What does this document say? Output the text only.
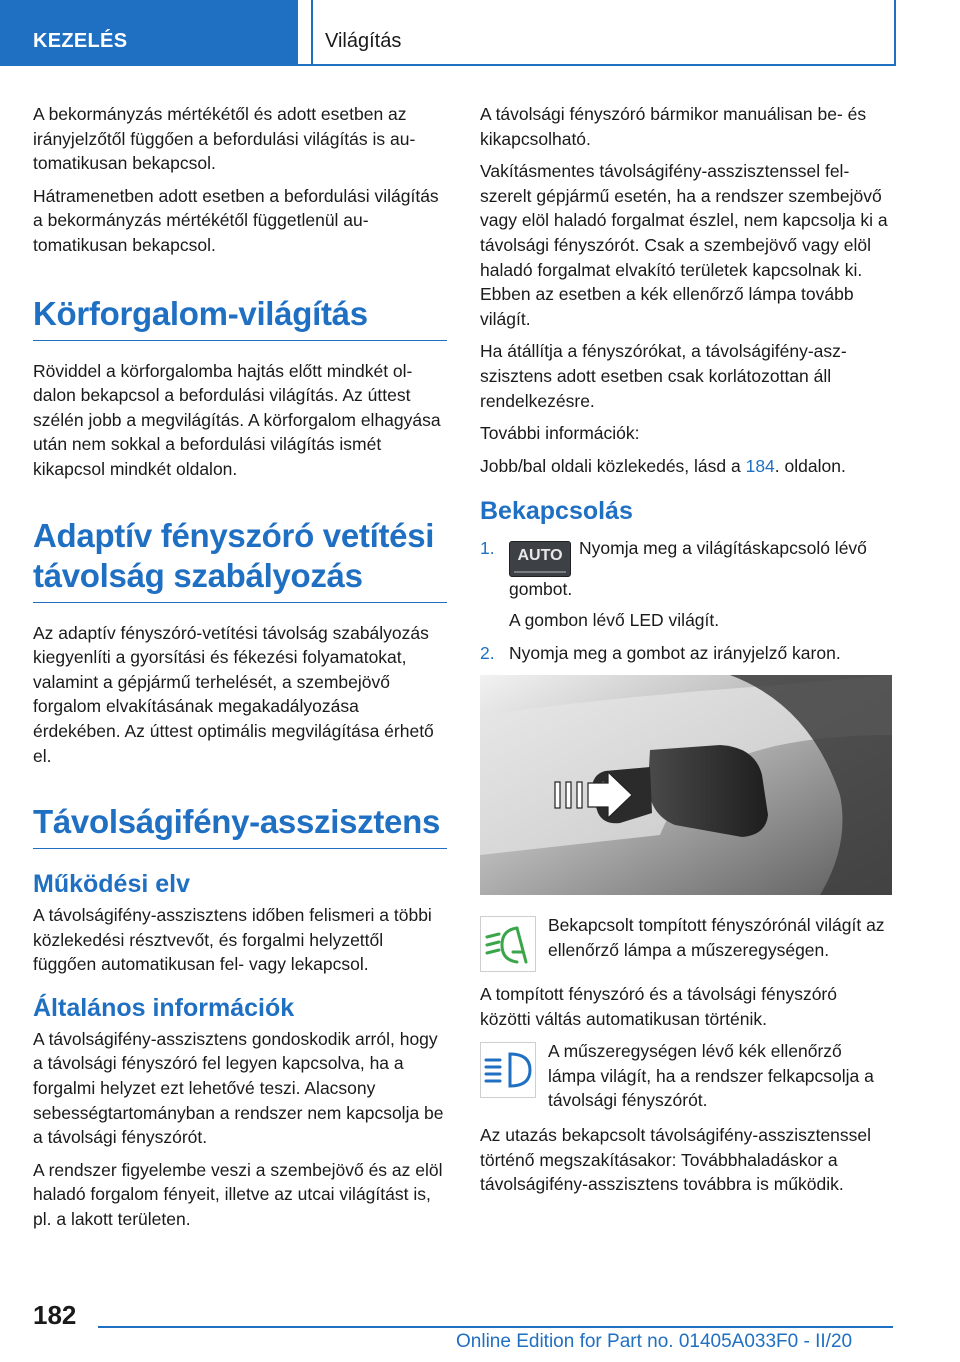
KEZELÉS	Világítás

A bekormányzás mértékétől és adott esetben az irányjelzőtől függően a befordulási világítás is automatikusan bekapcsol.

Hátramenetben adott esetben a befordulási világítás a bekormányzás mértékétől függetlenül automatikusan bekapcsol.

Körforgalom-világítás

Röviddel a körforgalomba hajtás előtt mindkét oldalon bekapcsol a befordulási világítás. Az úttest szélén jobb a megvilágítás. A körforgalom elhagyása után nem sokkal a befordulási világítás ismét kikapcsol mindkét oldalon.

Adaptív fényszóró vetítési távolság szabályozás

Az adaptív fényszóró-vetítési távolság szabályozás kiegyenlíti a gyorsítási és fékezési folyamatokat, valamint a gépjármű terhelését, a szembejövő forgalom elvakításának megakadályozása érdekében. Az úttest optimális megvilágítása érhető el.

Távolságifény-asszisztens
Működési elv

A távolságifény-asszisztens időben felismeri a többi közlekedési résztvevőt, és forgalmi helyzettől függően automatikusan fel- vagy lekapcsol.

Általános információk

A távolságifény-asszisztens gondoskodik arról, hogy a távolsági fényszóró fel legyen kapcsolva, ha a forgalmi helyzet ezt lehetővé teszi. Alacsony sebességtartományban a rendszer nem kapcsolja be a távolsági fényszórót.

A rendszer figyelembe veszi a szembejövő és az elöl haladó forgalom fényeit, illetve az utcai világítást is, pl. a lakott területen.

A távolsági fényszóró bármikor manuálisan be- és kikapcsolható.

Vakításmentes távolságifény-asszisztenssel felszerelt gépjármű esetén, ha a rendszer szembejövő vagy elöl haladó forgalmat észlel, nem kapcsolja ki a távolsági fényszórót. Csak a szembejövő vagy elöl haladó forgalmat elvakító területek kapcsolnak ki. Ebben az esetben a kék ellenőrző lámpa tovább világít.

Ha átállítja a fényszórókat, a távolságifény-aszszisztens adott esetben csak korlátozottan áll rendelkezésre.

További információk:

Jobb/bal oldali közlekedés, lásd a 184. oldalon.

Bekapcsolás
1. AUTO Nyomja meg a világításkapcsoló lévő gombot.
A gombon lévő LED világít.
2. Nyomja meg a gombot az irányjelző karon.
Bekapcsolt tompított fényszórónál világít az ellenőrző lámpa a műszeregységen.

A tompított fényszóró és a távolsági fényszóró közötti váltás automatikusan történik.

A műszeregységen lévő kék ellenőrző lámpa világít, ha a rendszer felkapcsolja a távolsági fényszórót.

Az utazás bekapcsolt távolságifény-asszisztenssel történő megszakításakor: Továbbhaladáskor a távolságifény-asszisztens továbbra is működik.

182
Online Edition for Part no. 01405A033F0 - II/20
